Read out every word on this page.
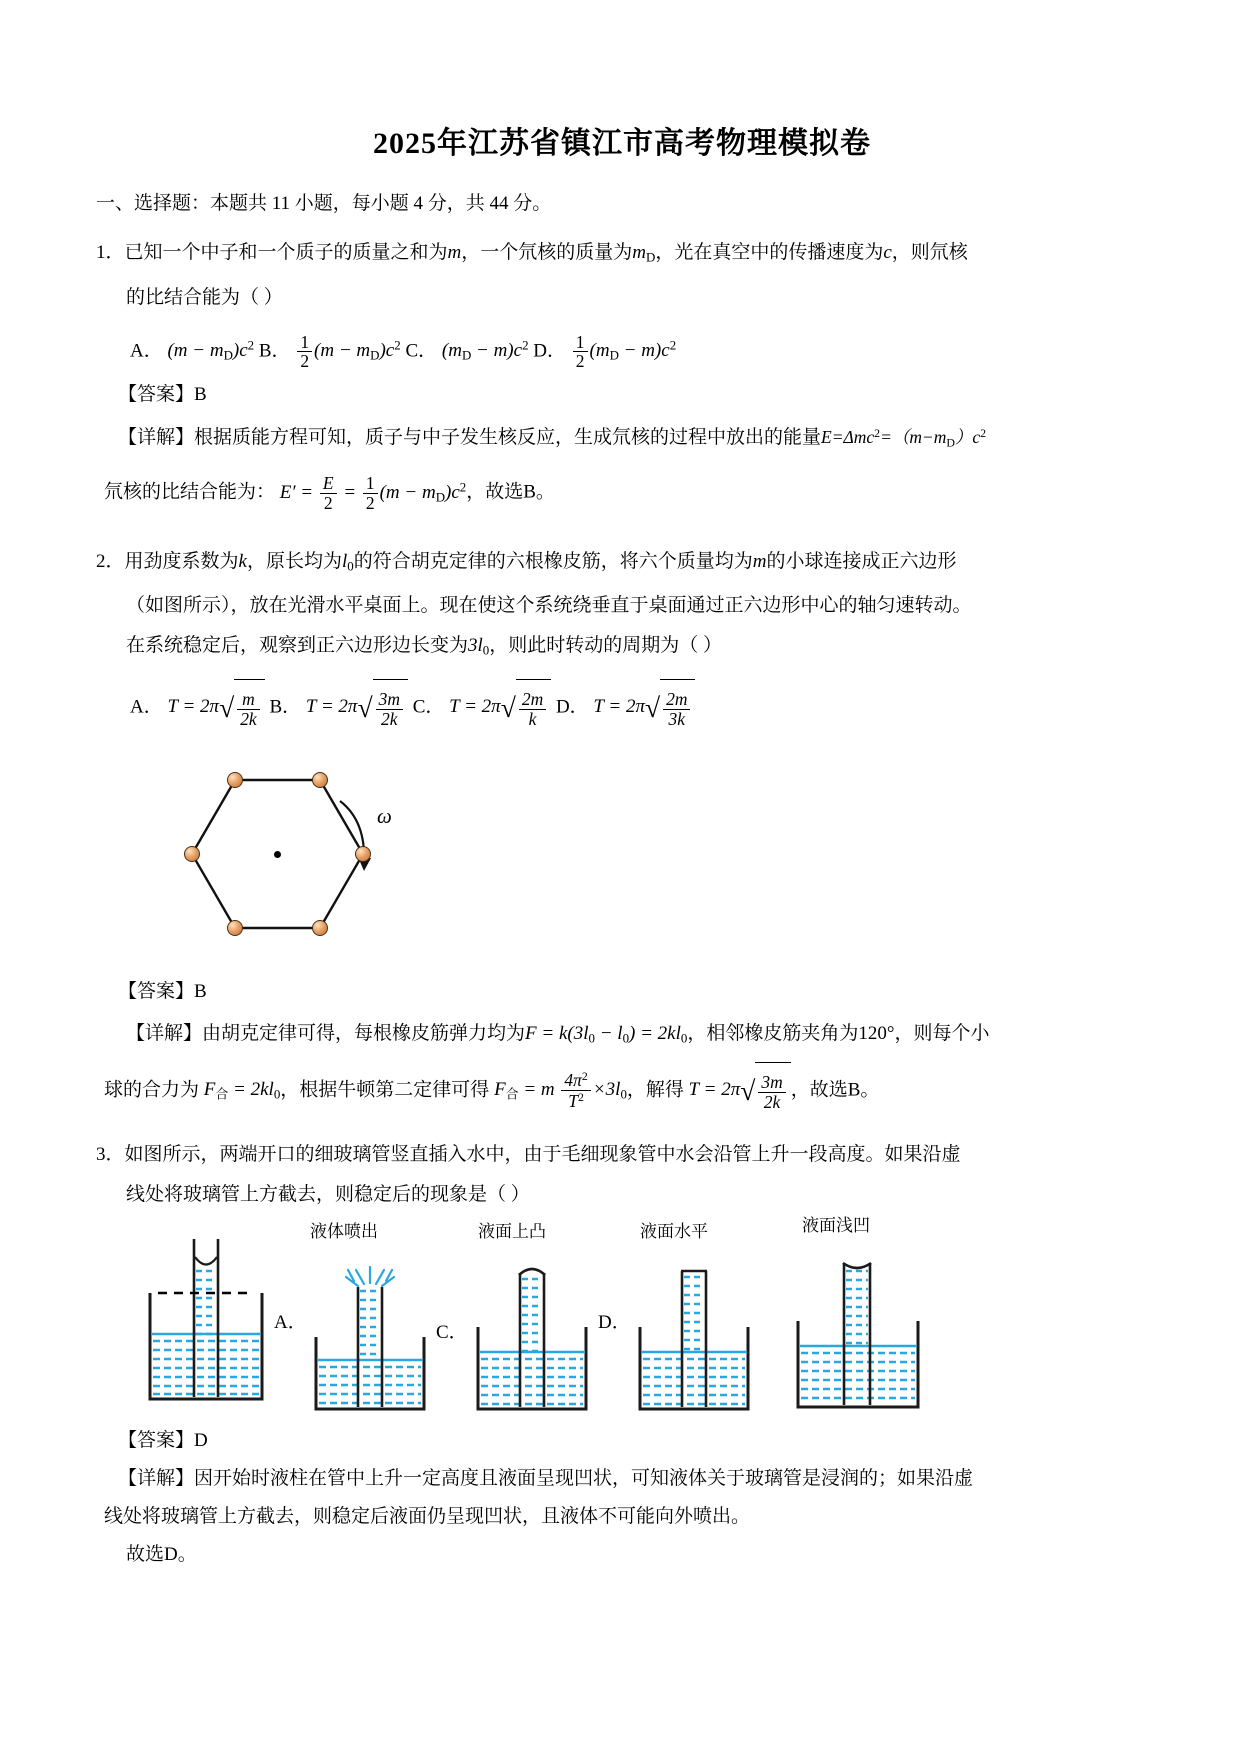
2025年江苏省镇江市高考物理模拟卷
一、选择题：本题共 11 小题，每小题 4 分，共 44 分。
1．已知一个中子和一个质子的质量之和为m，一个氘核的质量为$m_D$，光在真空中的传播速度为c，则氘核
的比结合能为（ ）
A． $(m - m_D)c^2$ B． $\frac{1}{2} (m - m_D)c^2$ C． $(m_D - m)c^2$ D． $\frac{1}{2} (m_D - m)c^2$
【答案】B
【详解】根据质能方程可知，质子与中子发生核反应，生成氘核的过程中放出的能量$E=\Delta mc^2=(m-m_D)c^2$
氘核的比结合能为： $E' = \frac{E}{2} = \frac{1}{2} (m - m_D)c^2$，故选B。
2．用劲度系数为k，原长均为$l_0$的符合胡克定律的六根橡皮筋，将六个质量均为m的小球连接成正六边形
（如图所示），放在光滑水平桌面上。现在使这个系统绕垂直于桌面通过正六边形中心的轴匀速转动。
在系统稳定后，观察到正六边形边长变为$3l_0$，则此时转动的周期为（ ）
A． $T = 2\pi√ \frac{m}{2k}$ B． $T = 2\pi√ \frac{3m}{2k}$ C． $T = 2\pi√ \frac{2m}{k}$ D． $T = 2\pi√ \frac{2m}{3k}$
ω
【答案】B
【详解】由胡克定律可得，每根橡皮筋弹力均为$F = k(3l_0 - l_0) = 2kl_0$，相邻橡皮筋夹角为120°，则每个小
球的合力为 $F_合 = 2kl_0$，根据牛顿第二定律可得 $F_合 = m \frac{4\pi^2}{T^2} \times 3l_0$，解得 $T = 2\pi√ \frac{3m}{2k}$ ，故选B。
3．如图所示，两端开口的细玻璃管竖直插入水中，由于毛细现象管中水会沿管上升一段高度。如果沿虚
线处将玻璃管上方截去，则稳定后的现象是（ ）
A．
液体喷出
C．
液面上凸
D．
液面水平	液面浅凹
【答案】D
【详解】因开始时液柱在管中上升一定高度且液面呈现凹状，可知液体关于玻璃管是浸润的；如果沿虚
线处将玻璃管上方截去，则稳定后液面仍呈现凹状，且液体不可能向外喷出。
故选D。
